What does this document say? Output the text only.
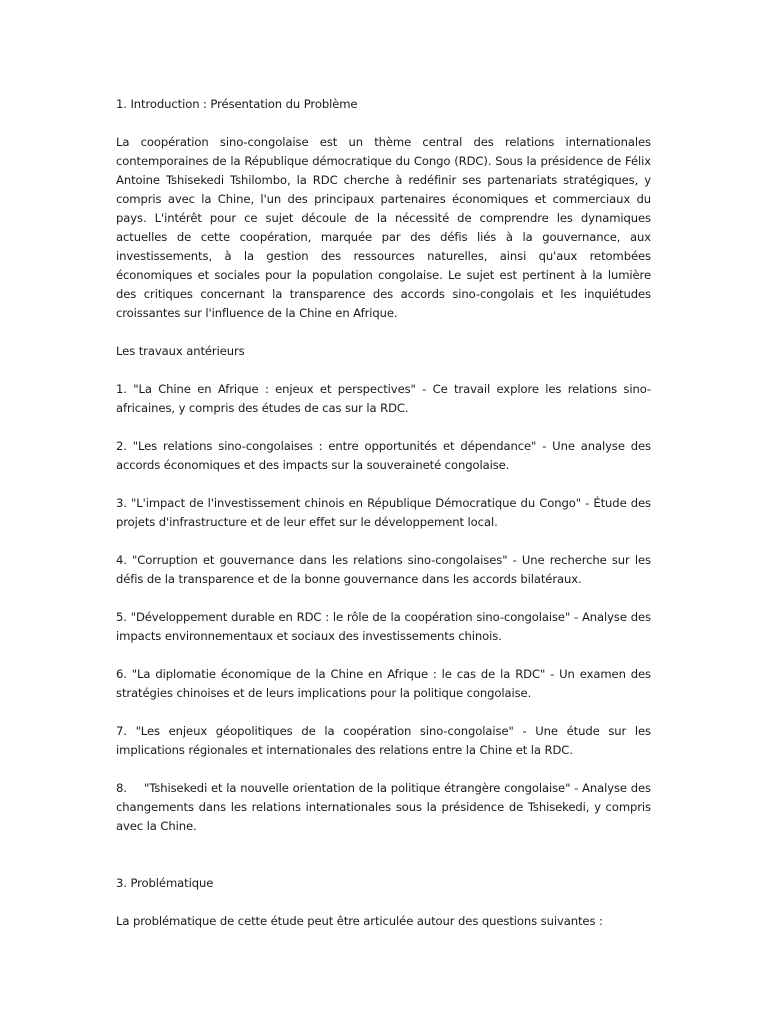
1. Introduction : Présentation du Problème

La coopération sino-congolaise est un thème central des relations internationales contemporaines de la République démocratique du Congo (RDC). Sous la présidence de Félix Antoine Tshisekedi Tshilombo, la RDC cherche à redéfinir ses partenariats stratégiques, y compris avec la Chine, l'un des principaux partenaires économiques et commerciaux du pays. L'intérêt pour ce sujet découle de la nécessité de comprendre les dynamiques actuelles de cette coopération, marquée par des défis liés à la gouvernance, aux investissements, à la gestion des ressources naturelles, ainsi qu'aux retombées économiques et sociales pour la population congolaise. Le sujet est pertinent à la lumière des critiques concernant la transparence des accords sino-congolais et les inquiétudes croissantes sur l'influence de la Chine en Afrique.

Les travaux antérieurs

1. "La Chine en Afrique : enjeux et perspectives" - Ce travail explore les relations sino-africaines, y compris des études de cas sur la RDC.

2. "Les relations sino-congolaises : entre opportunités et dépendance" - Une analyse des accords économiques et des impacts sur la souveraineté congolaise.

3. "L'impact de l'investissement chinois en République Démocratique du Congo" - Étude des projets d'infrastructure et de leur effet sur le développement local.

4. "Corruption et gouvernance dans les relations sino-congolaises" - Une recherche sur les défis de la transparence et de la bonne gouvernance dans les accords bilatéraux.

5. "Développement durable en RDC : le rôle de la coopération sino-congolaise" - Analyse des impacts environnementaux et sociaux des investissements chinois.

6. "La diplomatie économique de la Chine en Afrique : le cas de la RDC" - Un examen des stratégies chinoises et de leurs implications pour la politique congolaise.

7. "Les enjeux géopolitiques de la coopération sino-congolaise" - Une étude sur les implications régionales et internationales des relations entre la Chine et la RDC.

8. "Tshisekedi et la nouvelle orientation de la politique étrangère congolaise" - Analyse des changements dans les relations internationales sous la présidence de Tshisekedi, y compris avec la Chine.

3. Problématique

La problématique de cette étude peut être articulée autour des questions suivantes :
